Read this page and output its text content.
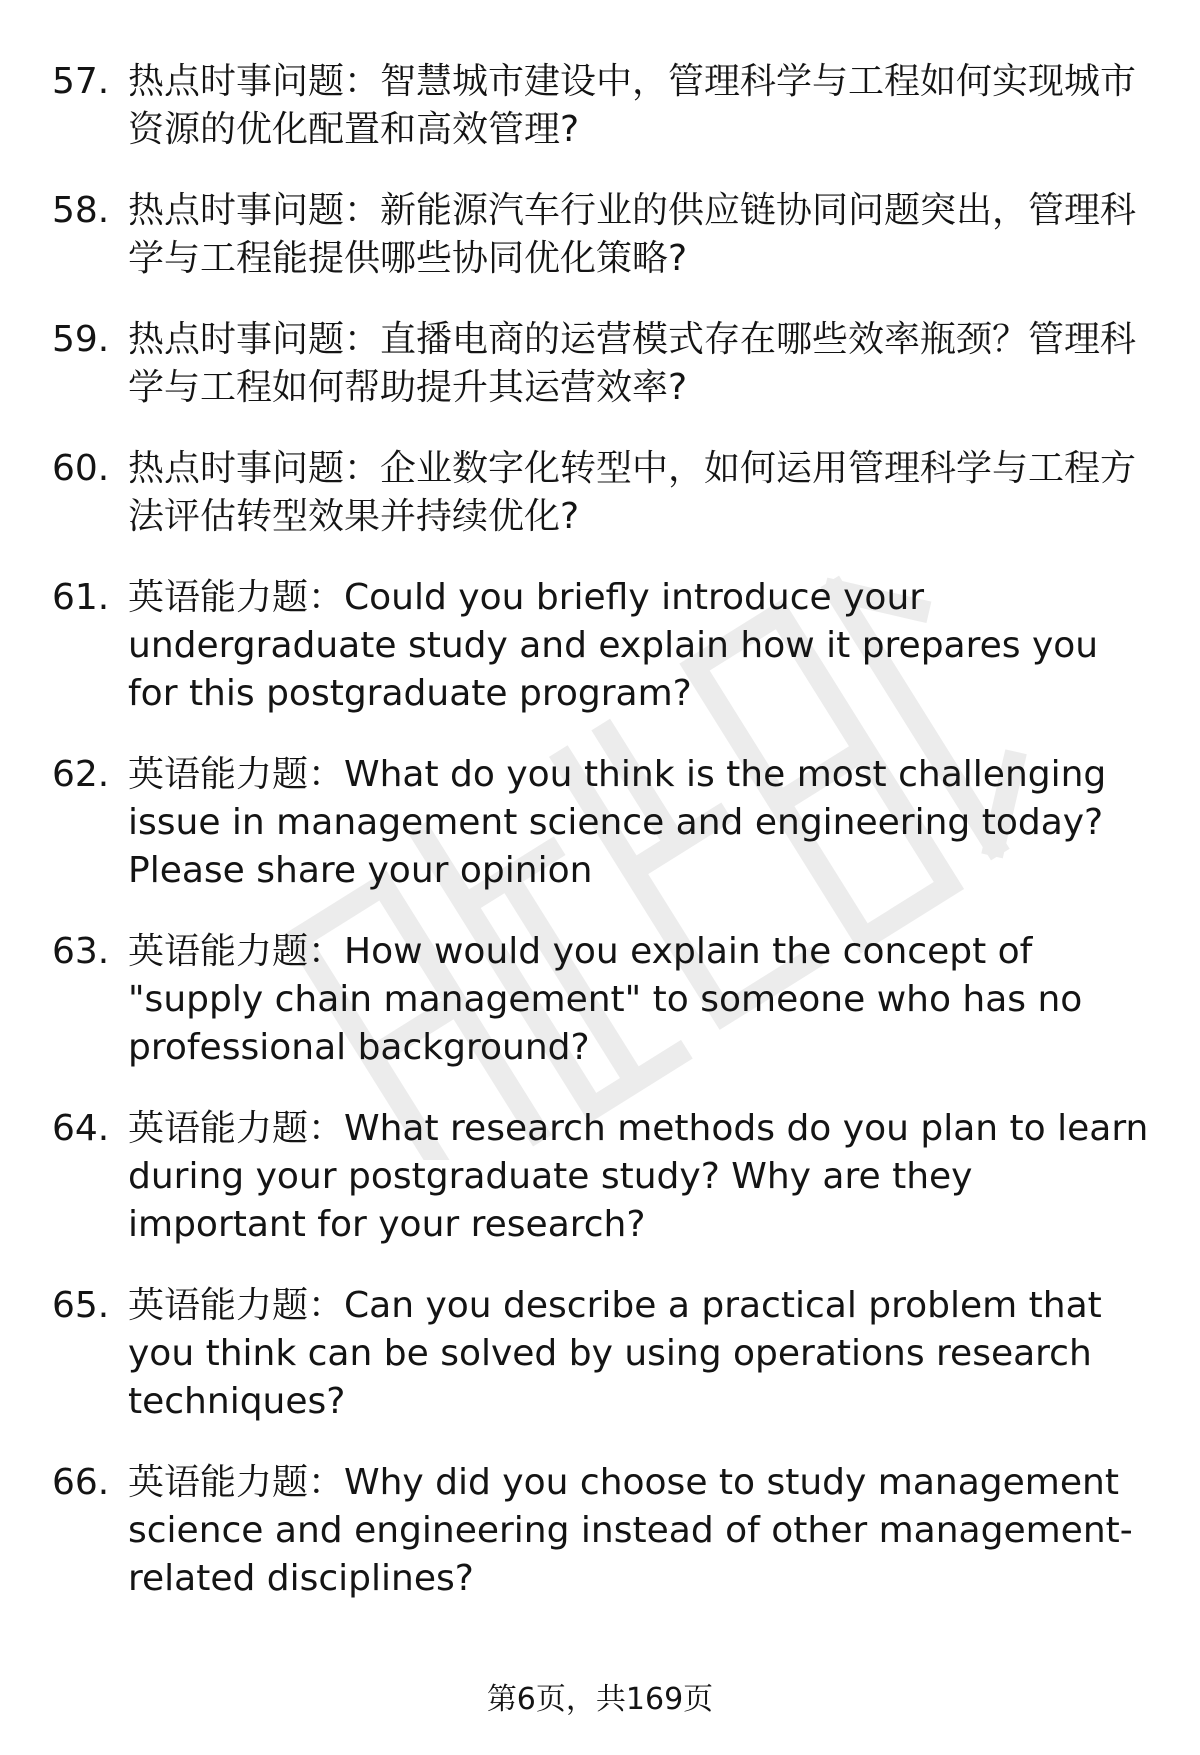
57. 热点时事问题：智慧城市建设中，管理科学与工程如何实现城市资源的优化配置和高效管理?
58. 热点时事问题：新能源汽车行业的供应链协同问题突出，管理科学与工程能提供哪些协同优化策略?
59. 热点时事问题：直播电商的运营模式存在哪些效率瓶颈？管理科学与工程如何帮助提升其运营效率?
60. 热点时事问题：企业数字化转型中，如何运用管理科学与工程方法评估转型效果并持续优化?
61. 英语能力题：Could you briefly introduce your undergraduate study and explain how it prepares you for this postgraduate program?
62. 英语能力题：What do you think is the most challenging issue in management science and engineering today? Please share your opinion
63. 英语能力题：How would you explain the concept of "supply chain management" to someone who has no professional background?
64. 英语能力题：What research methods do you plan to learn during your postgraduate study? Why are they important for your research?
65. 英语能力题：Can you describe a practical problem that you think can be solved by using operations research techniques?
66. 英语能力题：Why did you choose to study management science and engineering instead of other management-related disciplines?
第6页，共169页
